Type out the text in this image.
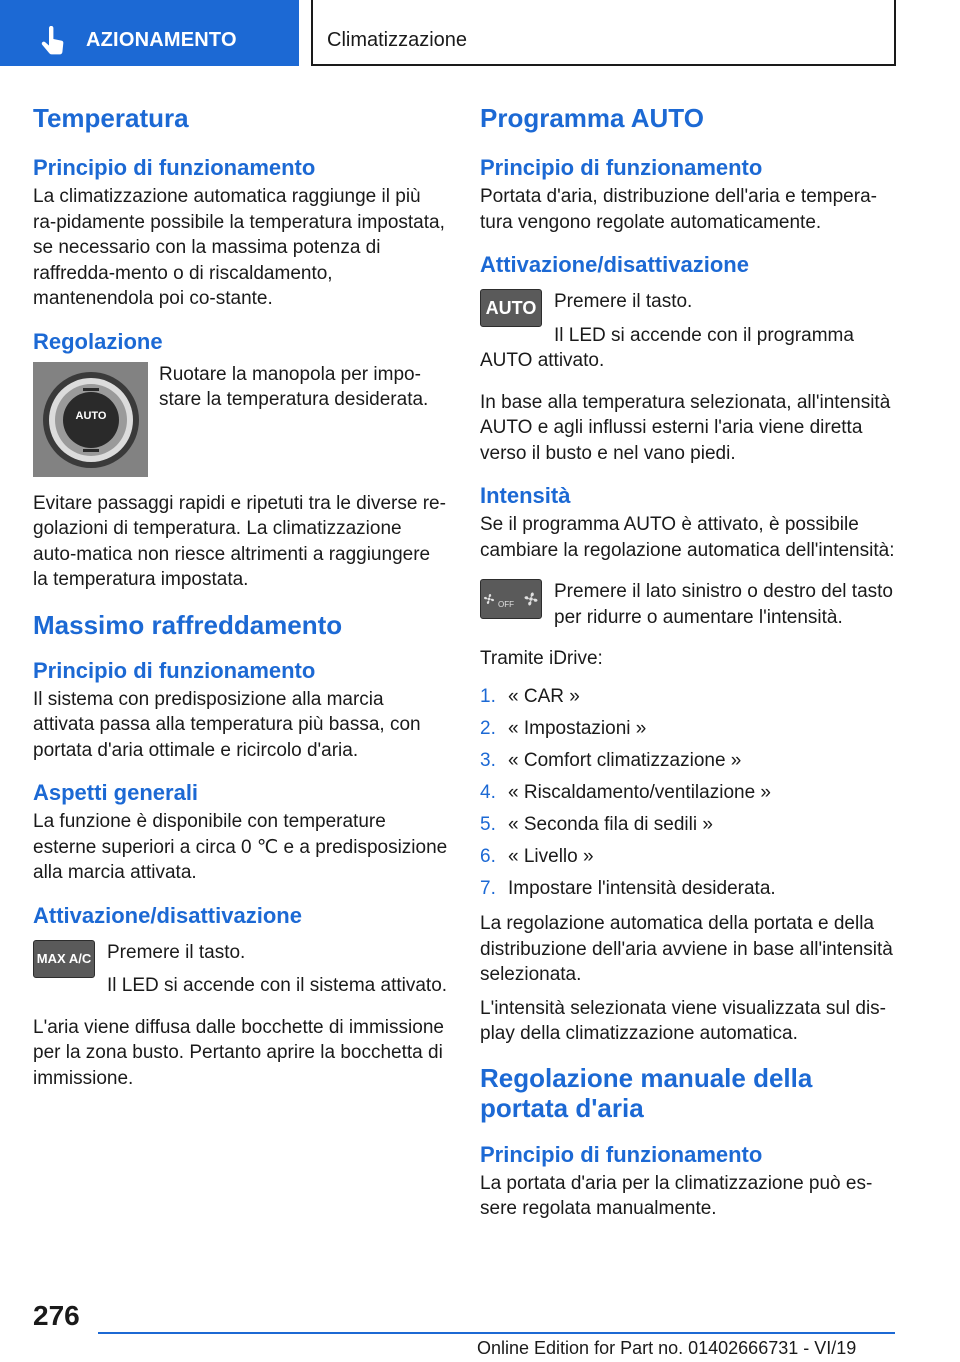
AZIONAMENTO	Climatizzazione
Temperatura
Principio di funzionamento
La climatizzazione automatica raggiunge il più ra-pidamente possibile la temperatura impostata, se necessario con la massima potenza di raffredda-mento o di riscaldamento, mantenendola poi co-stante.
Regolazione
AUTO
Ruotare la manopola per impo-stare la temperatura desiderata.
Evitare passaggi rapidi e ripetuti tra le diverse re-golazioni di temperatura. La climatizzazione auto-matica non riesce altrimenti a raggiungere la temperatura impostata.
Massimo raffreddamento
Principio di funzionamento
Il sistema con predisposizione alla marcia attivata passa alla temperatura più bassa, con portata d'aria ottimale e ricircolo d'aria.
Aspetti generali
La funzione è disponibile con temperature esterne superiori a circa 0 ℃ e a predisposizione alla marcia attivata.
Attivazione/disattivazione
MAX A/C Premere il tasto.
Il LED si accende con il sistema attivato.
L'aria viene diffusa dalle bocchette di immissione per la zona busto. Pertanto aprire la bocchetta di immissione.
Programma AUTO
Principio di funzionamento
Portata d'aria, distribuzione dell'aria e tempera-tura vengono regolate automaticamente.
Attivazione/disattivazione
AUTO Premere il tasto.
Il LED si accende con il programma
AUTO attivato.
In base alla temperatura selezionata, all'intensità AUTO e agli influssi esterni l'aria viene diretta verso il busto e nel vano piedi.
Intensità
Se il programma AUTO è attivato, è possibile cambiare la regolazione automatica dell'intensità:
OFF
Premere il lato sinistro o destro del tasto per ridurre o aumentare l'intensità.
Tramite iDrive:
1. « CAR »
2. « Impostazioni »
3. « Comfort climatizzazione »
4. « Riscaldamento/ventilazione »
5. « Seconda fila di sedili »
6. « Livello »
7. Impostare l'intensità desiderata.
La regolazione automatica della portata e della distribuzione dell'aria avviene in base all'intensità selezionata.
L'intensità selezionata viene visualizzata sul dis-play della climatizzazione automatica.
Regolazione manuale della portata d'aria
Principio di funzionamento
La portata d'aria per la climatizzazione può es-sere regolata manualmente.
276
Online Edition for Part no. 01402666731 - VI/19
